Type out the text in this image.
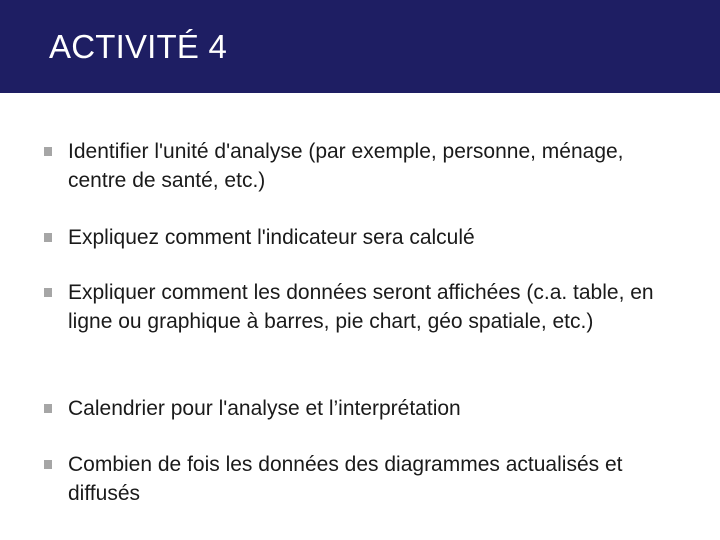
ACTIVITÉ 4
Identifier l'unité d'analyse (par exemple, personne, ménage, centre de santé, etc.)
Expliquez comment l'indicateur sera calculé
Expliquer comment les données seront affichées (c.a. table, en ligne ou graphique à barres, pie chart, géo spatiale, etc.)
Calendrier pour l'analyse et l’interprétation
Combien de fois les données des diagrammes actualisés et diffusés
